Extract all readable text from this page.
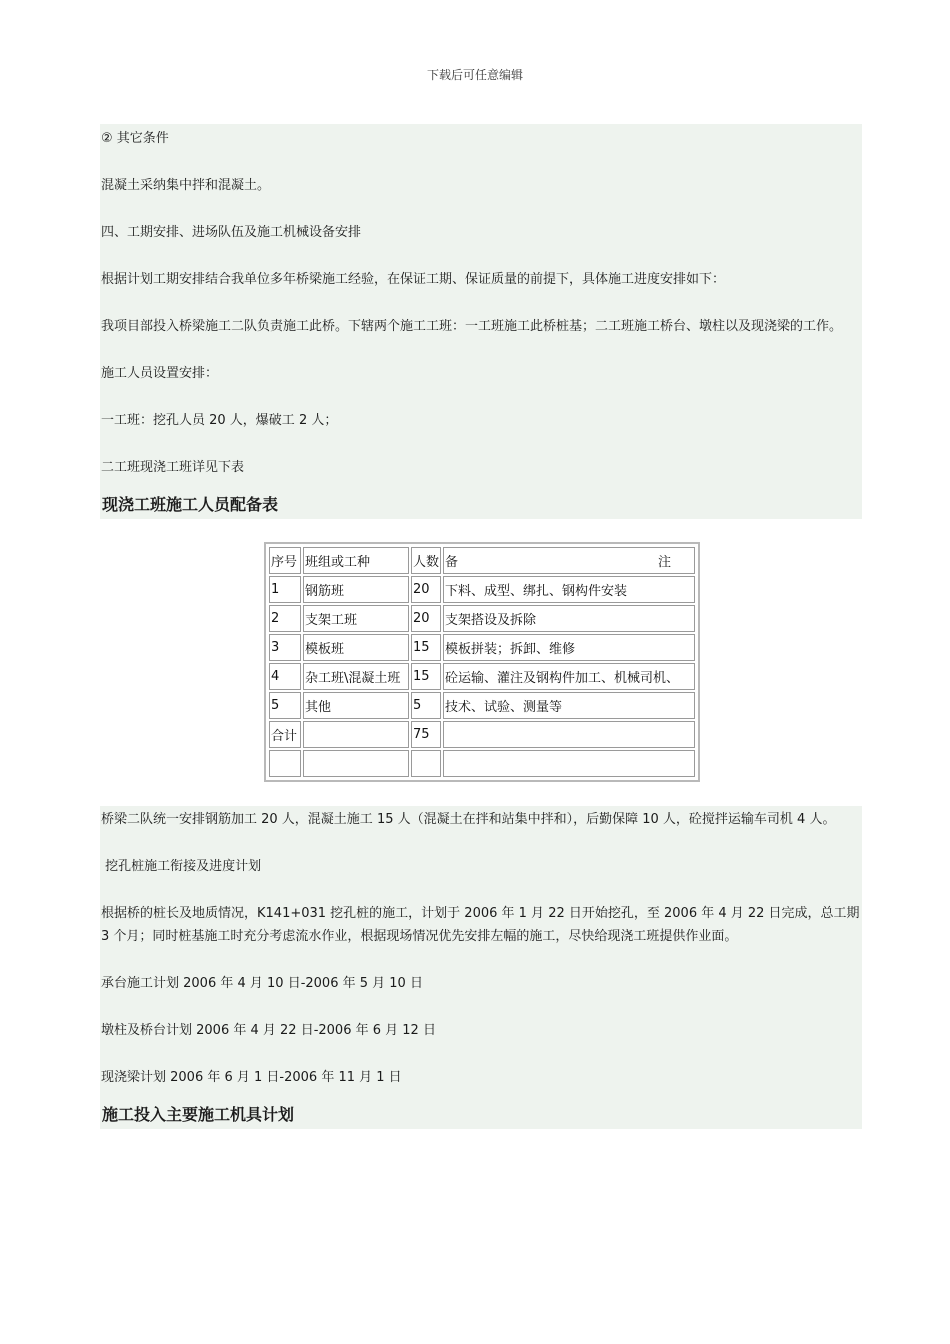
下载后可任意编辑

② 其它条件

混凝土采纳集中拌和混凝土。

四、工期安排、进场队伍及施工机械设备安排

根据计划工期安排结合我单位多年桥梁施工经验，在保证工期、保证质量的前提下，具体施工进度安排如下：

我项目部投入桥梁施工二队负责施工此桥。下辖两个施工工班：一工班施工此桥桩基；二工班施工桥台、墩柱以及现浇梁的工作。

施工人员设置安排：

一工班：挖孔人员 20 人，爆破工 2 人；

二工班现浇工班详见下表

现浇工班施工人员配备表
序号	班组或工种	人数	备 注

1	钢筋班	20	下料、成型、绑扎、钢构件安装
2	支架工班	20	支架搭设及拆除
3	模板班	15	模板拼装；拆卸、维修
4	杂工班\混凝土班	15	砼运输、灌注及钢构件加工、机械司机、
5	其他	5	技术、试验、测量等
合计		75	

桥梁二队统一安排钢筋加工 20 人，混凝土施工 15 人（混凝土在拌和站集中拌和），后勤保障 10 人，砼搅拌运输车司机 4 人。

挖孔桩施工衔接及进度计划

根据桥的桩长及地质情况，K141+031 挖孔桩的施工，计划于 2006 年 1 月 22 日开始挖孔，至 2006 年 4 月 22 日完成，总工期 3 个月；同时桩基施工时充分考虑流水作业，根据现场情况优先安排左幅的施工，尽快给现浇工班提供作业面。

承台施工计划 2006 年 4 月 10 日-2006 年 5 月 10 日

墩柱及桥台计划 2006 年 4 月 22 日-2006 年 6 月 12 日

现浇梁计划 2006 年 6 月 1 日-2006 年 11 月 1 日

施工投入主要施工机具计划
